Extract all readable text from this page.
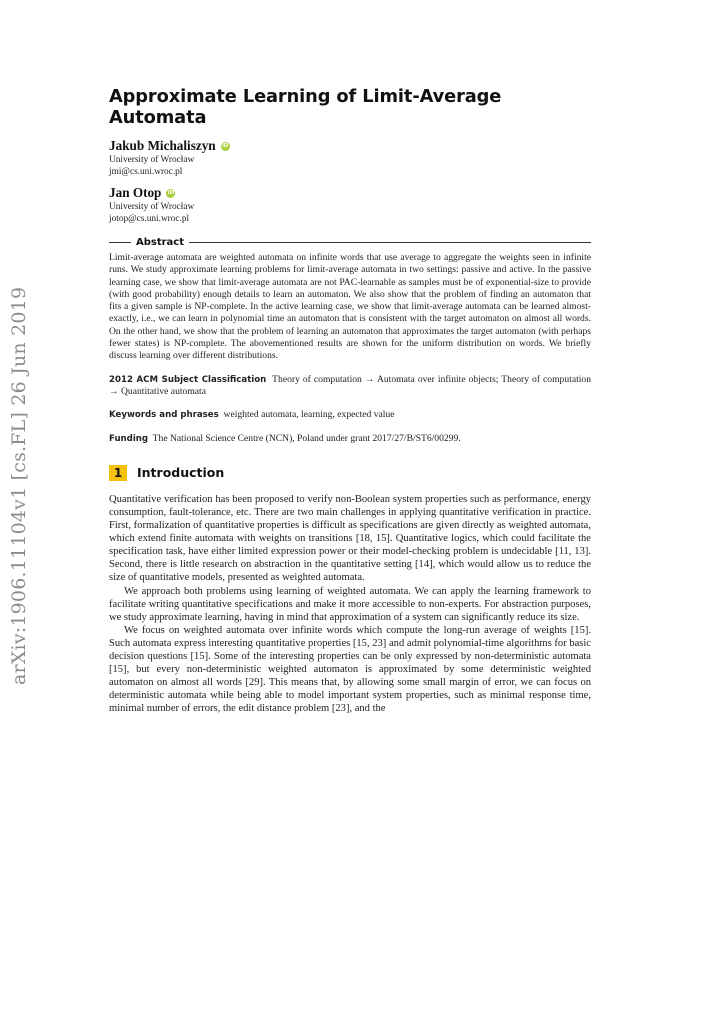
arXiv:1906.11104v1 [cs.FL] 26 Jun 2019
Approximate Learning of Limit-Average Automata
Jakub Michaliszyn iD
University of Wrocław
jmi@cs.uni.wroc.pl
Jan Otop iD
University of Wrocław
jotop@cs.uni.wroc.pl
Abstract

Limit-average automata are weighted automata on infinite words that use average to aggregate the weights seen in infinite runs. We study approximate learning problems for limit-average automata in two settings: passive and active. In the passive learning case, we show that limit-average automata are not PAC-learnable as samples must be of exponential-size to provide (with good probability) enough details to learn an automaton. We also show that the problem of finding an automaton that fits a given sample is NP-complete. In the active learning case, we show that limit-average automata can be learned almost-exactly, i.e., we can learn in polynomial time an automaton that is consistent with the target automaton on almost all words. On the other hand, we show that the problem of learning an automaton that approximates the target automaton (with perhaps fewer states) is NP-complete. The abovementioned results are shown for the uniform distribution on words. We briefly discuss learning over different distributions.

2012 ACM Subject Classification Theory of computation → Automata over infinite objects; Theory of computation → Quantitative automata

Keywords and phrases weighted automata, learning, expected value

Funding The National Science Centre (NCN), Poland under grant 2017/27/B/ST6/00299.

1	Introduction

Quantitative verification has been proposed to verify non-Boolean system properties such as performance, energy consumption, fault-tolerance, etc. There are two main challenges in applying quantitative verification in practice. First, formalization of quantitative properties is difficult as specifications are given directly as weighted automata, which extend finite automata with weights on transitions [18, 15]. Quantitative logics, which could facilitate the specification task, have either limited expression power or their model-checking problem is undecidable [11, 13]. Second, there is little research on abstraction in the quantitative setting [14], which would allow us to reduce the size of quantitative models, presented as weighted automata.

We approach both problems using learning of weighted automata. We can apply the learning framework to facilitate writing quantitative specifications and make it more accessible to non-experts. For abstraction purposes, we study approximate learning, having in mind that approximation of a system can significantly reduce its size.

We focus on weighted automata over infinite words which compute the long-run average of weights [15]. Such automata express interesting quantitative properties [15, 23] and admit polynomial-time algorithms for basic decision questions [15]. Some of the interesting properties can be only expressed by non-deterministic automata [15], but every non-deterministic weighted automaton is approximated by some deterministic weighted automaton on almost all words [29]. This means that, by allowing some small margin of error, we can focus on deterministic automata while being able to model important system properties, such as minimal response time, minimal number of errors, the edit distance problem [23], and the
